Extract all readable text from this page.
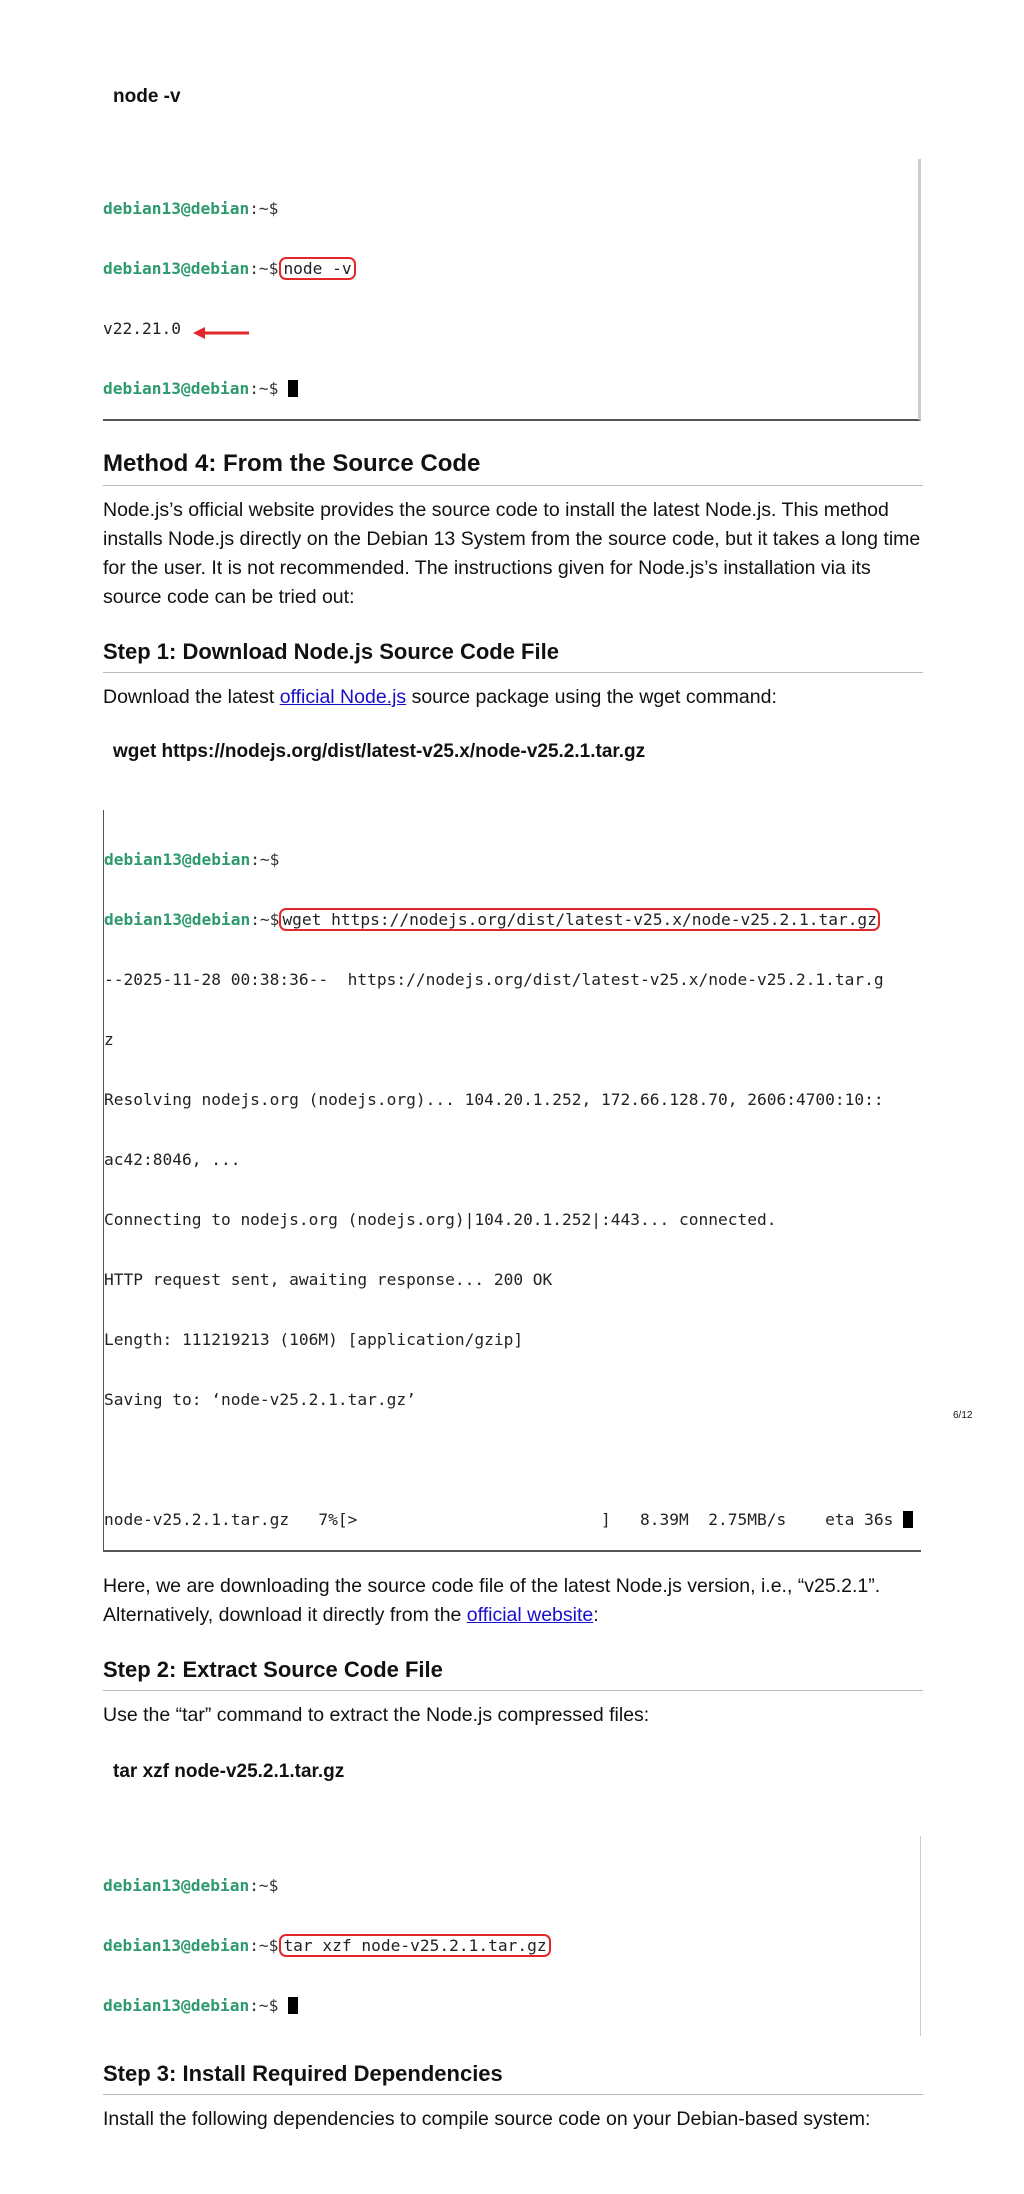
node -v

debian13@debian:~$

debian13@debian:~$ node -v

v22.21.0

debian13@debian:~$

Method 4: From the Source Code
Node.js’s official website provides the source code to install the latest Node.js. This method installs Node.js directly on the Debian 13 System from the source code, but it takes a long time for the user. It is not recommended. The instructions given for Node.js’s installation via its source code can be tried out:
Step 1: Download Node.js Source Code File
Download the latest official Node.js source package using the wget command:
wget https://nodejs.org/dist/latest-v25.x/node-v25.2.1.tar.gz

debian13@debian:~$

debian13@debian:~$ wget https://nodejs.org/dist/latest-v25.x/node-v25.2.1.tar.gz

--2025-11-28 00:38:36--  https://nodejs.org/dist/latest-v25.x/node-v25.2.1.tar.g

z

Resolving nodejs.org (nodejs.org)... 104.20.1.252, 172.66.128.70, 2606:4700:10::

ac42:8046, ...

Connecting to nodejs.org (nodejs.org)|104.20.1.252|:443... connected.

HTTP request sent, awaiting response... 200 OK

Length: 111219213 (106M) [application/gzip]

Saving to: ‘node-v25.2.1.tar.gz’

node-v25.2.1.tar.gz   7%[>                         ]   8.39M  2.75MB/s    eta 36s

Here, we are downloading the source code file of the latest Node.js version, i.e., “v25.2.1”. Alternatively, download it directly from the official website:
Step 2: Extract Source Code File
Use the “tar” command to extract the Node.js compressed files:
tar xzf node-v25.2.1.tar.gz

debian13@debian:~$

debian13@debian:~$ tar xzf node-v25.2.1.tar.gz

debian13@debian:~$

Step 3: Install Required Dependencies
Install the following dependencies to compile source code on your Debian-based system:
6/12
